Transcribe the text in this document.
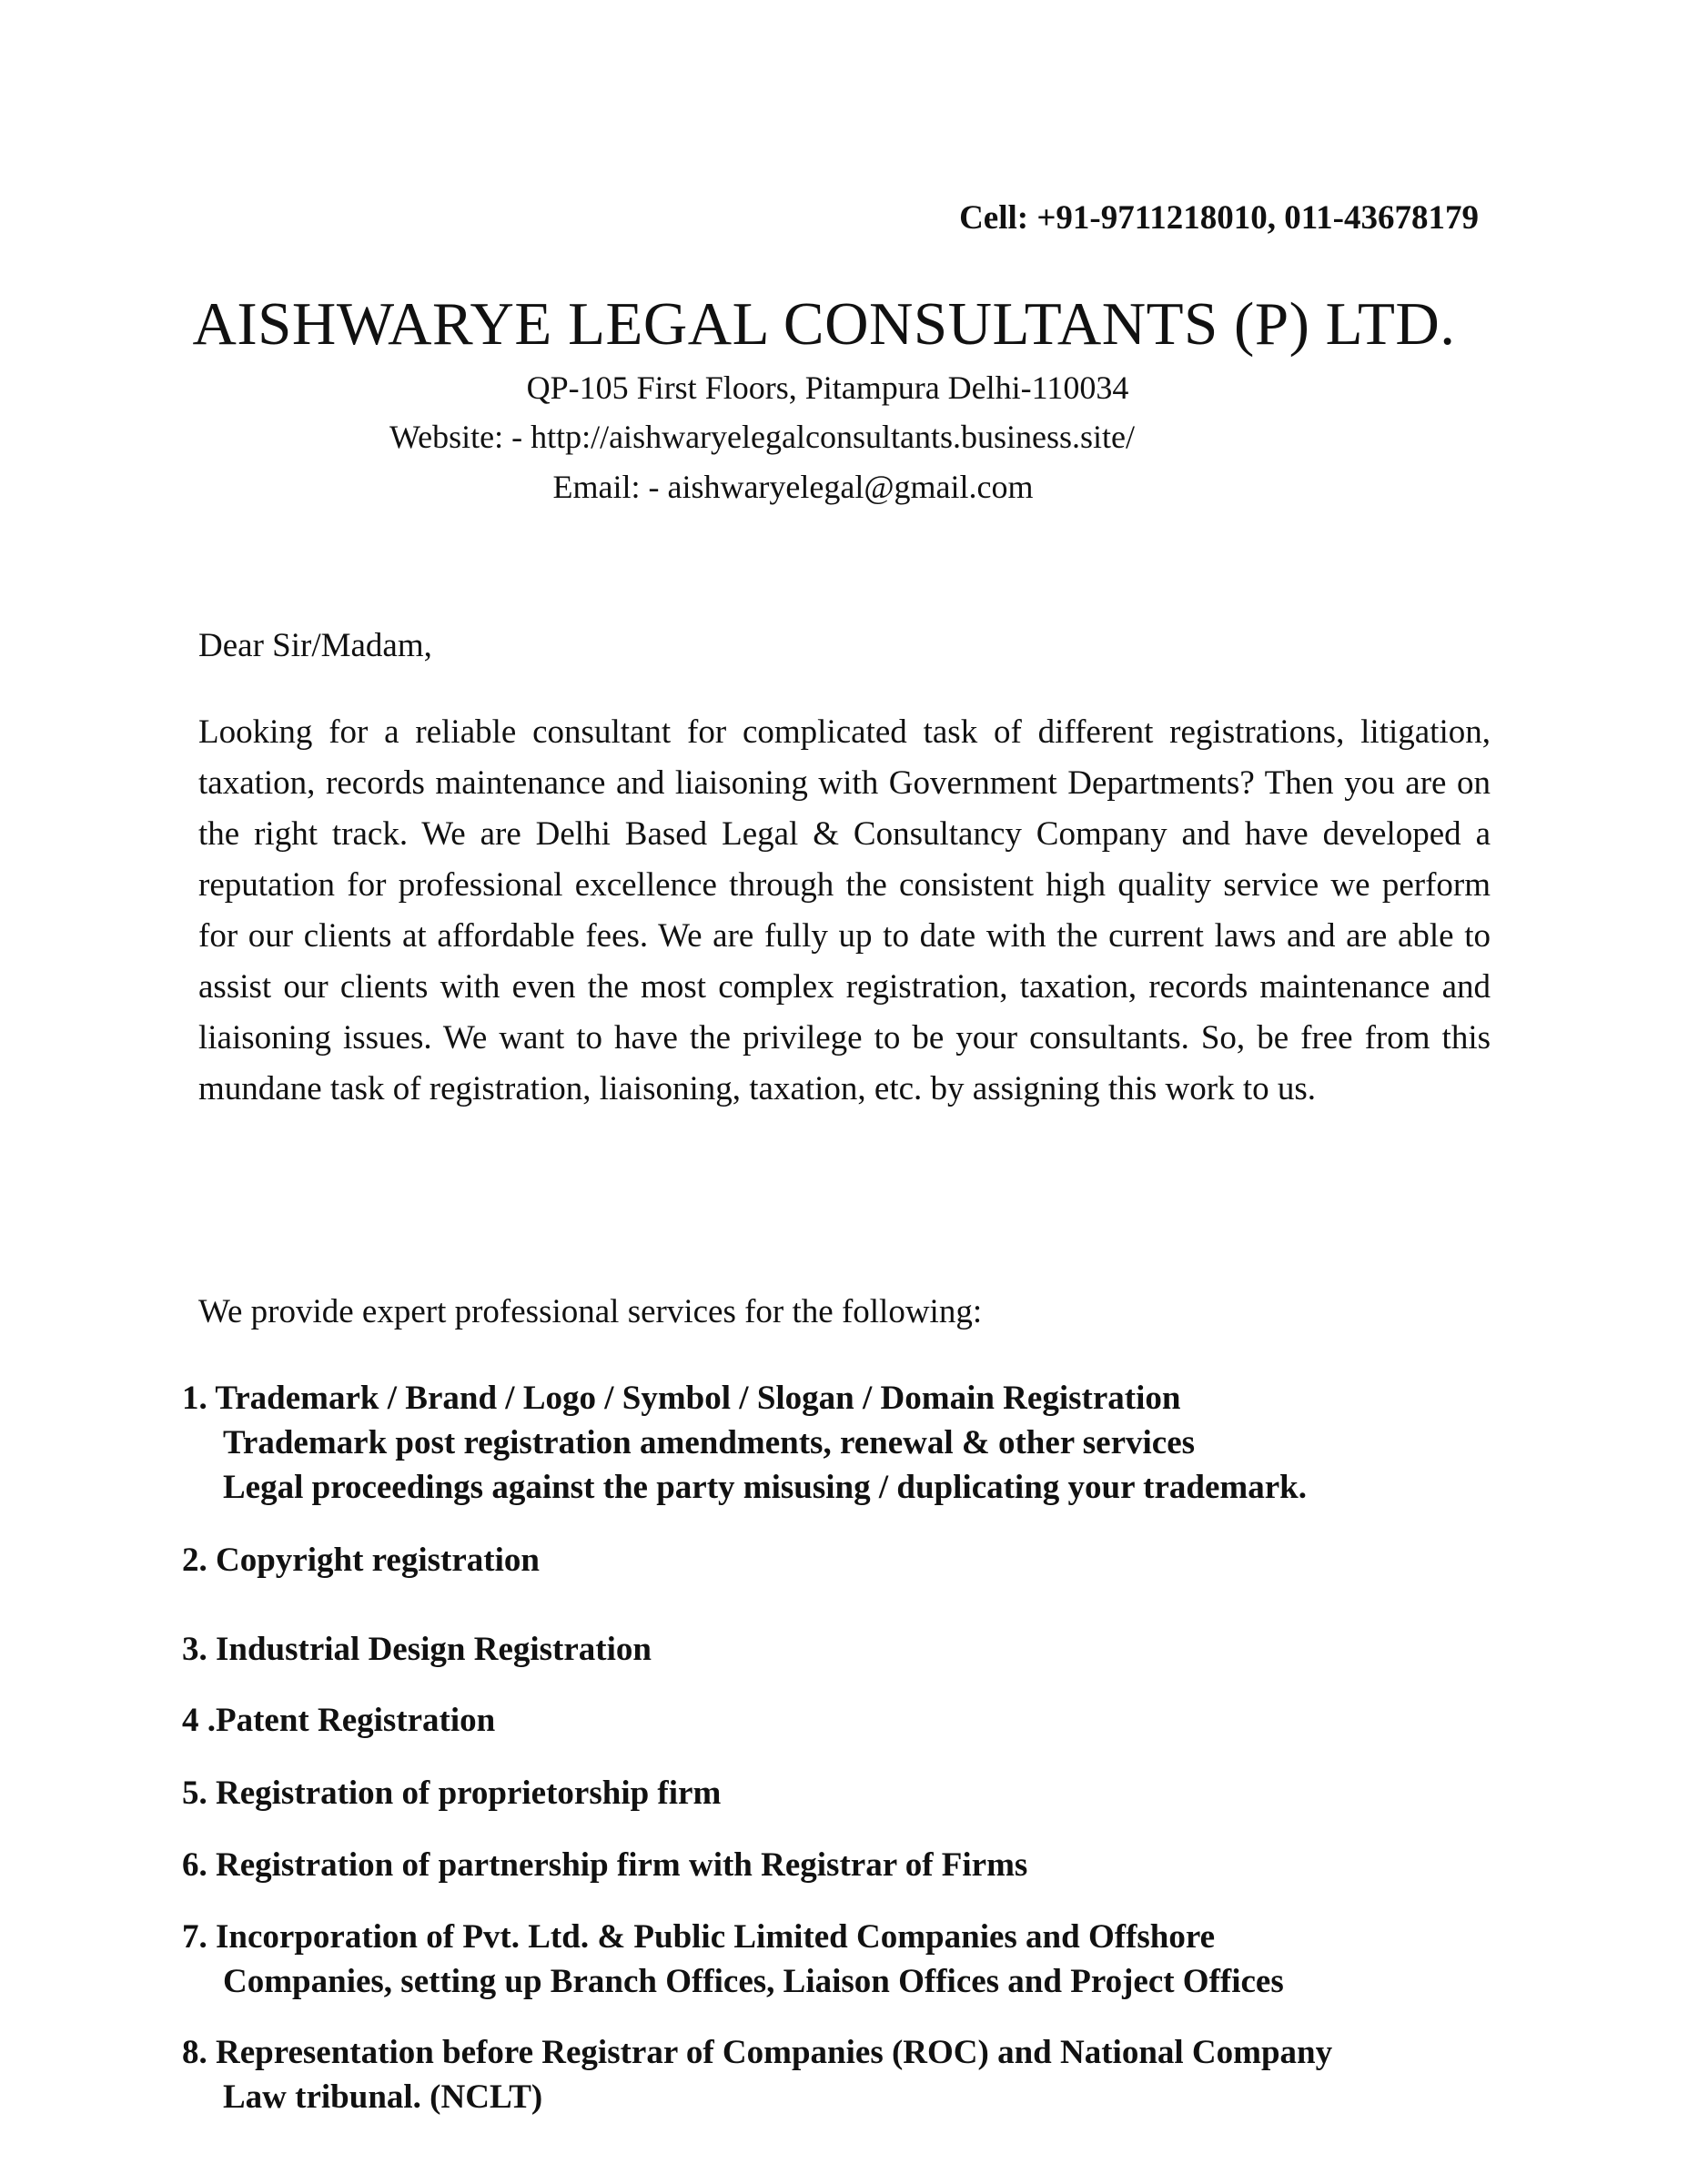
Cell: +91-9711218010, 011-43678179
AISHWARYE LEGAL CONSULTANTS (P) LTD.
QP-105 First Floors, Pitampura Delhi-110034
Website: - http://aishwaryelegalconsultants.business.site/
Email: - aishwaryelegal@gmail.com
Dear Sir/Madam,
Looking for a reliable consultant for complicated task of different registrations, litigation, taxation, records maintenance and liaisoning with Government Departments? Then you are on the right track. We are Delhi Based Legal & Consultancy Company and have developed a reputation for professional excellence through the consistent high quality service we perform for our clients at affordable fees. We are fully up to date with the current laws and are able to assist our clients with even the most complex registration, taxation, records maintenance and liaisoning issues. We want to have the privilege to be your consultants. So, be free from this mundane task of registration, liaisoning, taxation, etc. by assigning this work to us.
We provide expert professional services for the following:
1. Trademark / Brand / Logo / Symbol / Slogan / Domain Registration
Trademark post registration amendments, renewal & other services
Legal proceedings against the party misusing / duplicating your trademark.
2. Copyright registration
3. Industrial Design Registration
4 .Patent Registration
5. Registration of proprietorship firm
6. Registration of partnership firm with Registrar of Firms
7. Incorporation of Pvt. Ltd. & Public Limited Companies and Offshore
Companies, setting up Branch Offices, Liaison Offices and Project Offices
8. Representation before Registrar of Companies (ROC) and National Company
Law tribunal. (NCLT)
